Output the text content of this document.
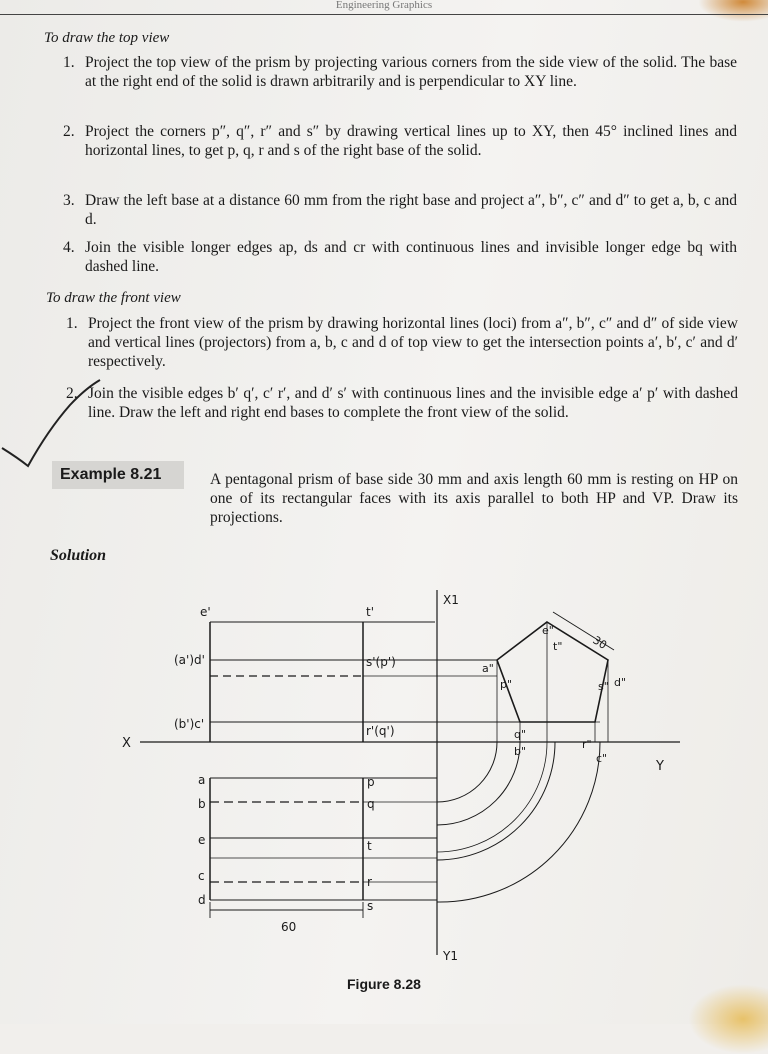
Engineering Graphics
To draw the top view
1. Project the top view of the prism by projecting various corners from the side view of the solid. The base at the right end of the solid is drawn arbitrarily and is perpendicular to XY line.
2. Project the corners p″, q″, r″ and s″ by drawing vertical lines up to XY, then 45° inclined lines and horizontal lines, to get p, q, r and s of the right base of the solid.
3. Draw the left base at a distance 60 mm from the right base and project a″, b″, c″ and d″ to get a, b, c and d.
4. Join the visible longer edges ap, ds and cr with continuous lines and invisible longer edge bq with dashed line.
To draw the front view
1. Project the front view of the prism by drawing horizontal lines (loci) from a″, b″, c″ and d″ of side view and vertical lines (projectors) from a, b, c and d of top view to get the intersection points a′, b′, c′ and d′ respectively.
2. Join the visible edges b′ q′, c′ r′, and d′ s′ with continuous lines and the invisible edge a′ p′ with dashed line. Draw the left and right end bases to complete the front view of the solid.
Example 8.21	A pentagonal prism of base side 30 mm and axis length 60 mm is resting on HP on one of its rectangular faces with its axis parallel to both HP and VP. Draw its projections.
Solution
e'	t'
(a')d'	s'(p')
(b')c'	r'(q')
X
Y
X1
Y1
a
b
e
c
d
p
q
t
r
s
e"
t"
a"
p"	s" d"
q"
b"
r"
c"
30
60
Figure 8.28
